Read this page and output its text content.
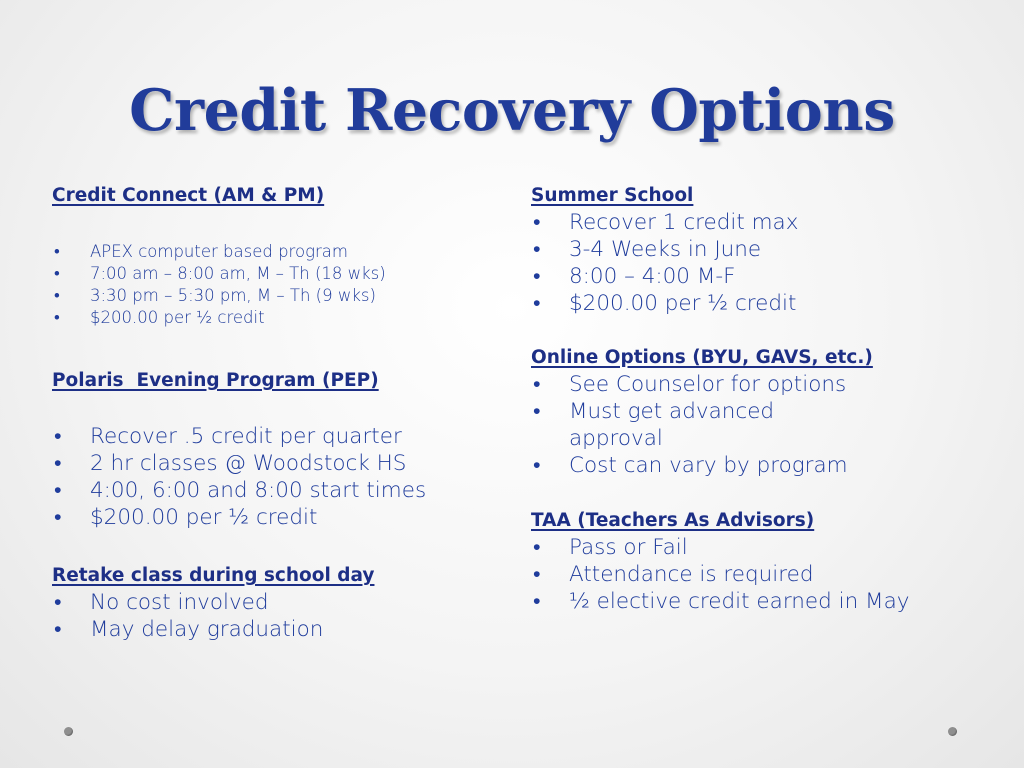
Credit Recovery Options
Credit Connect (AM & PM)
• APEX computer based program
• 7:00 am – 8:00 am, M – Th (18 wks)
• 3:30 pm – 5:30 pm, M – Th (9 wks)
• $200.00 per ½ credit
Polaris  Evening Program (PEP)
• Recover .5 credit per quarter
• 2 hr classes @ Woodstock HS
• 4:00, 6:00 and 8:00 start times
• $200.00 per ½ credit
Retake class during school day
• No cost involved
• May delay graduation
Summer School
• Recover 1 credit max
• 3-4 Weeks in June
• 8:00 – 4:00 M-F
• $200.00 per ½ credit
Online Options (BYU, GAVS, etc.)
• See Counselor for options
• Must get advanced approval
• Cost can vary by program
TAA (Teachers As Advisors)
• Pass or Fail
• Attendance is required
• ½ elective credit earned in May
